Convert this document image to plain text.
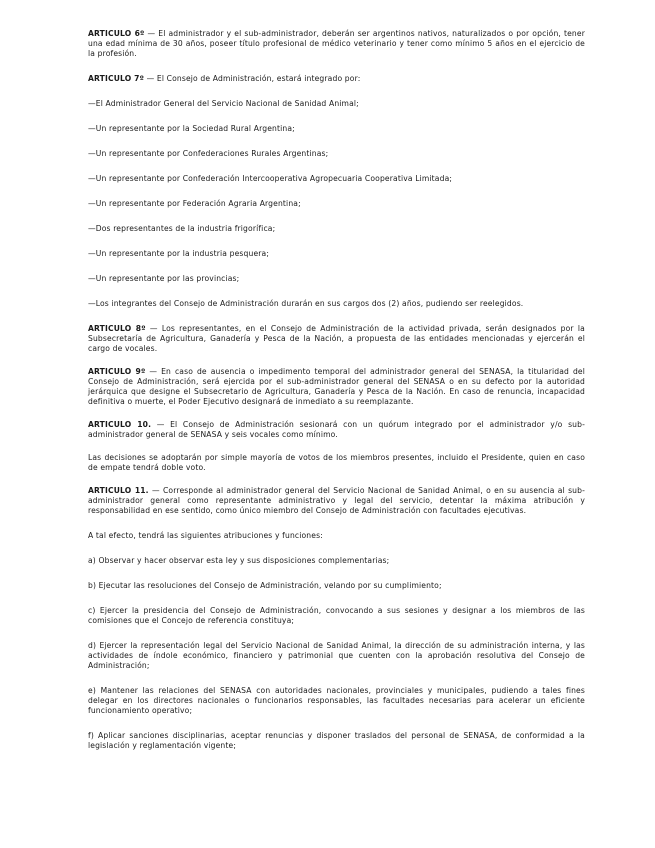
ARTICULO 6º — El administrador y el sub-administrador, deberán ser argentinos nativos, naturalizados o por opción, tener una edad mínima de 30 años, poseer título profesional de médico veterinario y tener como mínimo 5 años en el ejercicio de la profesión.

ARTICULO 7º — El Consejo de Administración, estará integrado por:

—El Administrador General del Servicio Nacional de Sanidad Animal;

—Un representante por la Sociedad Rural Argentina;

—Un representante por Confederaciones Rurales Argentinas;

—Un representante por Confederación Intercooperativa Agropecuaria Cooperativa Limitada;

—Un representante por Federación Agraria Argentina;

—Dos representantes de la industria frigorífica;

—Un representante por la industria pesquera;

—Un representante por las provincias;

—Los integrantes del Consejo de Administración durarán en sus cargos dos (2) años, pudiendo ser reelegidos.

ARTICULO 8º — Los representantes, en el Consejo de Administración de la actividad privada, serán designados por la Subsecretaría de Agricultura, Ganadería y Pesca de la Nación, a propuesta de las entidades mencionadas y ejercerán el cargo de vocales.

ARTICULO 9º — En caso de ausencia o impedimento temporal del administrador general del SENASA, la titularidad del Consejo de Administración, será ejercida por el sub-administrador general del SENASA o en su defecto por la autoridad jerárquica que designe el Subsecretario de Agricultura, Ganadería y Pesca de la Nación. En caso de renuncia, incapacidad definitiva o muerte, el Poder Ejecutivo designará de inmediato a su reemplazante.

ARTICULO 10. — El Consejo de Administración sesionará con un quórum integrado por el administrador y/o sub-administrador general de SENASA y seis vocales como mínimo.

Las decisiones se adoptarán por simple mayoría de votos de los miembros presentes, incluido el Presidente, quien en caso de empate tendrá doble voto.

ARTICULO 11. — Corresponde al administrador general del Servicio Nacional de Sanidad Animal, o en su ausencia al sub-administrador general como representante administrativo y legal del servicio, detentar la máxima atribución y responsabilidad en ese sentido, como único miembro del Consejo de Administración con facultades ejecutivas.

A tal efecto, tendrá las siguientes atribuciones y funciones:

a) Observar y hacer observar esta ley y sus disposiciones complementarias;

b) Ejecutar las resoluciones del Consejo de Administración, velando por su cumplimiento;

c) Ejercer la presidencia del Consejo de Administración, convocando a sus sesiones y designar a los miembros de las comisiones que el Concejo de referencia constituya;

d) Ejercer la representación legal del Servicio Nacional de Sanidad Animal, la dirección de su administración interna, y las actividades de índole económico, financiero y patrimonial que cuenten con la aprobación resolutiva del Consejo de Administración;

e) Mantener las relaciones del SENASA con autoridades nacionales, provinciales y municipales, pudiendo a tales fines delegar en los directores nacionales o funcionarios responsables, las facultades necesarias para acelerar un eficiente funcionamiento operativo;

f) Aplicar sanciones disciplinarias, aceptar renuncias y disponer traslados del personal de SENASA, de conformidad a la legislación y reglamentación vigente;
